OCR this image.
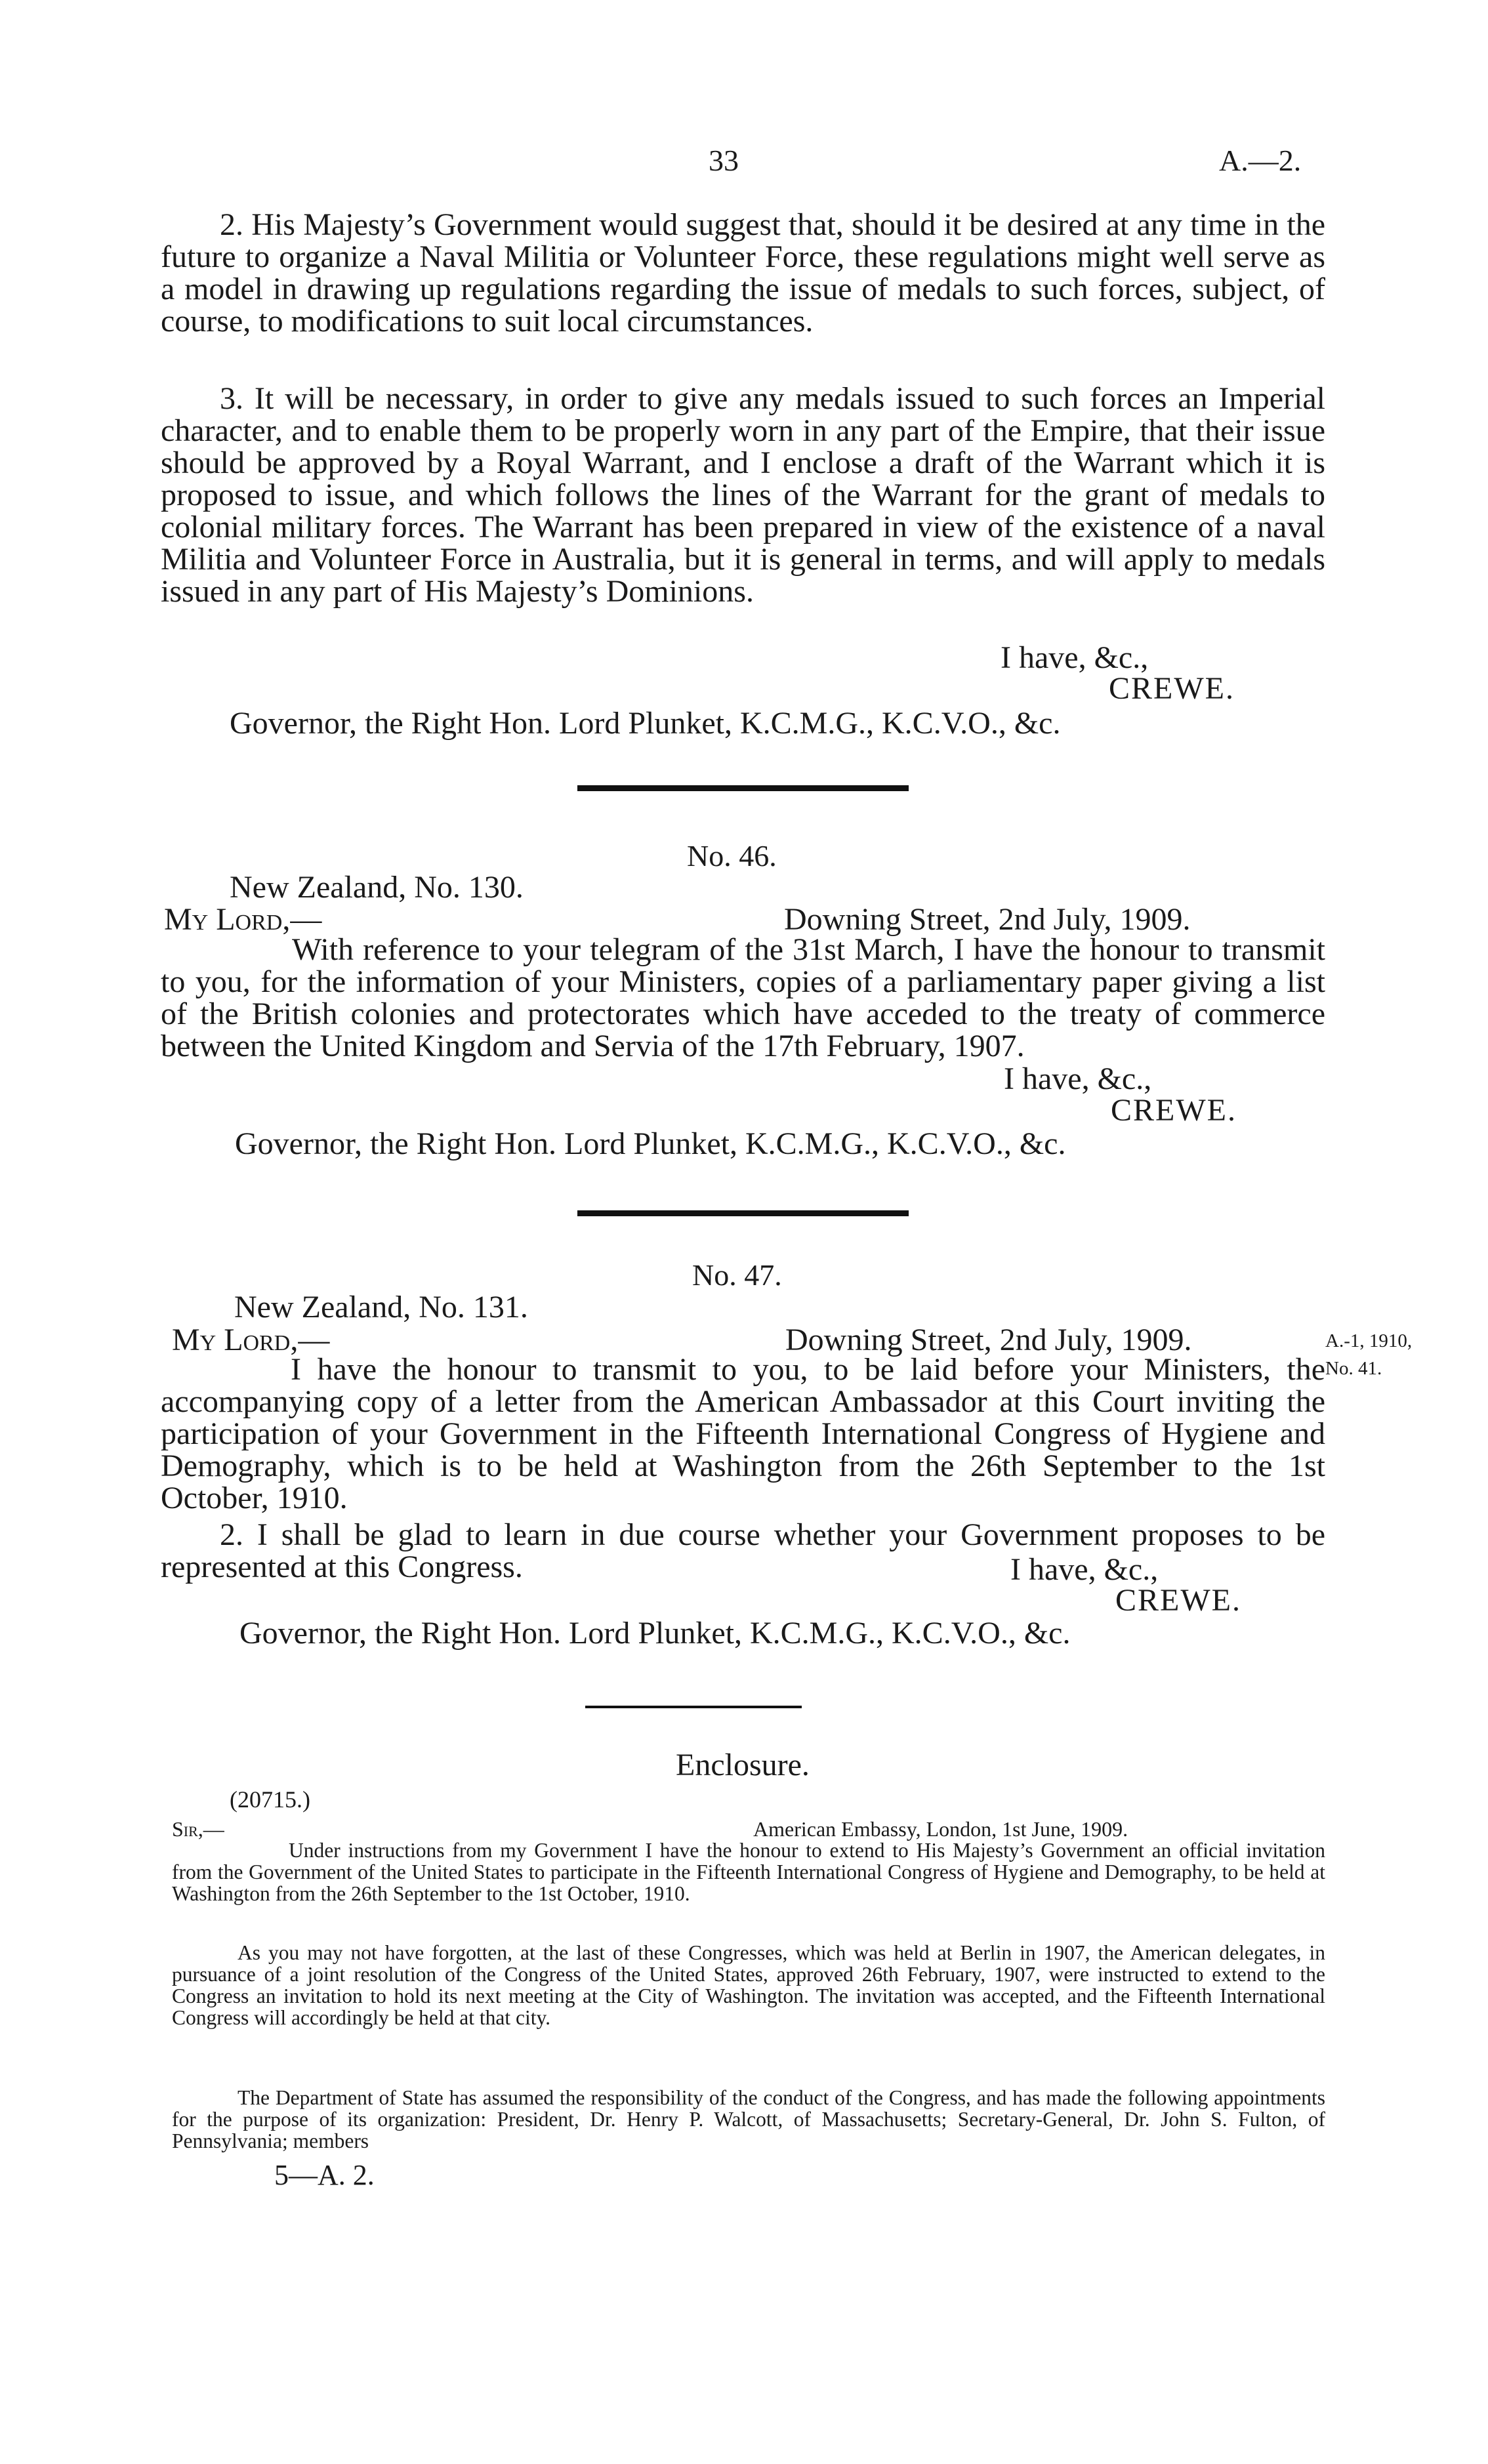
33	A.—2.
2. His Majesty’s Government would suggest that, should it be desired at any time in the future to organize a Naval Militia or Volunteer Force, these regulations might well serve as a model in drawing up regulations regarding the issue of medals to such forces, subject, of course, to modifications to suit local circumstances.
3. It will be necessary, in order to give any medals issued to such forces an Imperial character, and to enable them to be properly worn in any part of the Empire, that their issue should be approved by a Royal Warrant, and I enclose a draft of the Warrant which it is proposed to issue, and which follows the lines of the Warrant for the grant of medals to colonial military forces. The Warrant has been prepared in view of the existence of a naval Militia and Volunteer Force in Australia, but it is general in terms, and will apply to medals issued in any part of His Majesty’s Dominions.
I have, &c.,
CREWE.
Governor, the Right Hon. Lord Plunket, K.C.M.G., K.C.V.O., &c.
No. 46.
New Zealand, No. 130.
My Lord,—	Downing Street, 2nd July, 1909.
With reference to your telegram of the 31st March, I have the honour to transmit to you, for the information of your Ministers, copies of a parliamentary paper giving a list of the British colonies and protectorates which have acceded to the treaty of commerce between the United Kingdom and Servia of the 17th February, 1907.
I have, &c.,
CREWE.
Governor, the Right Hon. Lord Plunket, K.C.M.G., K.C.V.O., &c.
No. 47.
New Zealand, No. 131.
My Lord,—	Downing Street, 2nd July, 1909.	A.-1, 1910,
No. 41.
I have the honour to transmit to you, to be laid before your Ministers, the accompanying copy of a letter from the American Ambassador at this Court inviting the participation of your Government in the Fifteenth International Congress of Hygiene and Demography, which is to be held at Washington from the 26th September to the 1st October, 1910.
2. I shall be glad to learn in due course whether your Government proposes to be represented at this Congress.	I have, &c.,
CREWE.
Governor, the Right Hon. Lord Plunket, K.C.M.G., K.C.V.O., &c.
Enclosure.
(20715.)
Sir,—	American Embassy, London, 1st June, 1909.
Under instructions from my Government I have the honour to extend to His Majesty’s Government an official invitation from the Government of the United States to participate in the Fifteenth International Congress of Hygiene and Demography, to be held at Washington from the 26th September to the 1st October, 1910.
As you may not have forgotten, at the last of these Congresses, which was held at Berlin in 1907, the American delegates, in pursuance of a joint resolution of the Congress of the United States, approved 26th February, 1907, were instructed to extend to the Congress an invitation to hold its next meeting at the City of Washington. The invitation was accepted, and the Fifteenth International Congress will accordingly be held at that city.
The Department of State has assumed the responsibility of the conduct of the Congress, and has made the following appointments for the purpose of its organization: President, Dr. Henry P. Walcott, of Massachusetts; Secretary-General, Dr. John S. Fulton, of Pennsylvania; members
5—A. 2.
